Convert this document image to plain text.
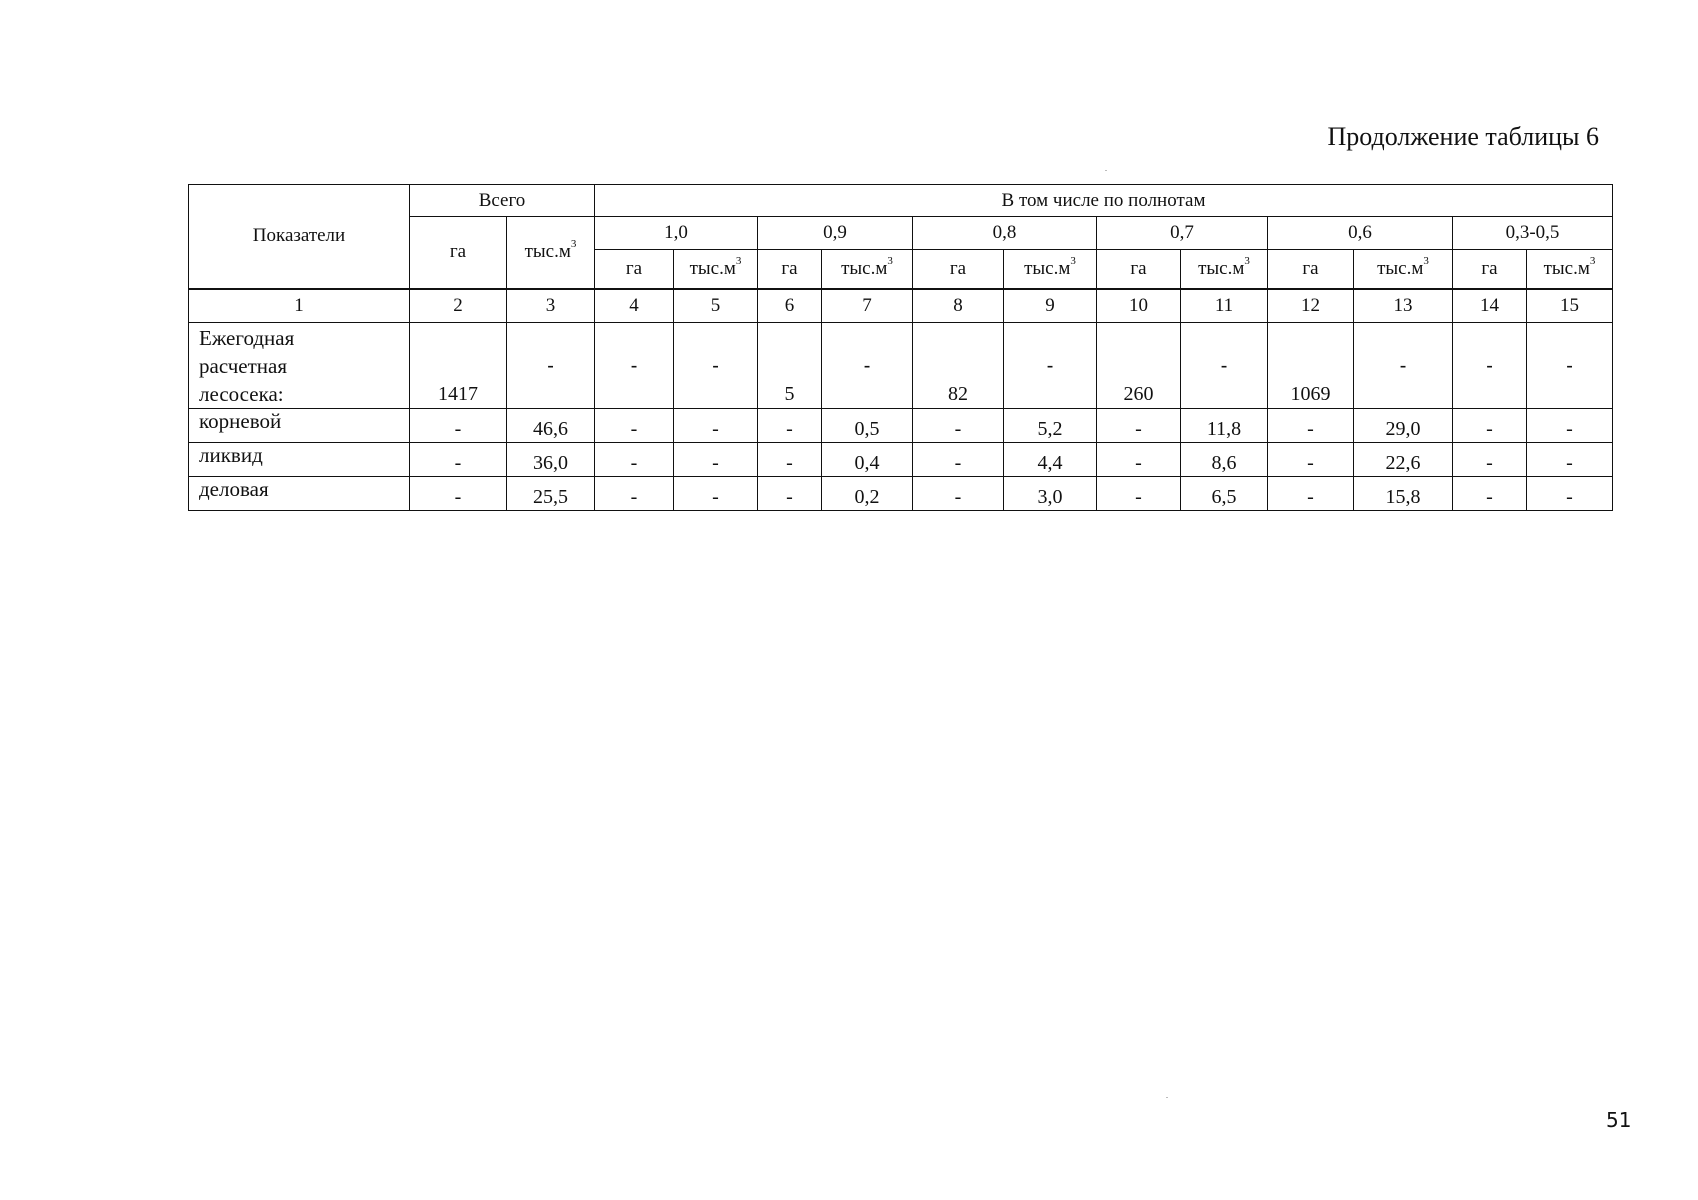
Продолжение таблицы 6
Показатели	Всего		В том числе по полнотам											
	га	$тыс.м^3$	1,0		0,9		0,8		0,7		0,6		0,3-0,5	
			га	$тыс.м^3$	га	$тыс.м^3$	га	$тыс.м^3$	га	$тыс.м^3$	га	$тыс.м^3$	га	$тыс.м^3$
1	2	3	4	5	6	7	8	9	10	11	12	13	14	15
Ежегодная
расчетная
лесосека:	1417	-	-	-	5	-	82	-	260	-	1069	-	-	-
корневой	-	46,6	-	-	-	0,5	-	5,2	-	11,8	-	29,0	-	-
ликвид	-	36,0	-	-	-	0,4	-	4,4	-	8,6	-	22,6	-	-
деловая	-	25,5	-	-	-	0,2	-	3,0	-	6,5	-	15,8	-	-
51
